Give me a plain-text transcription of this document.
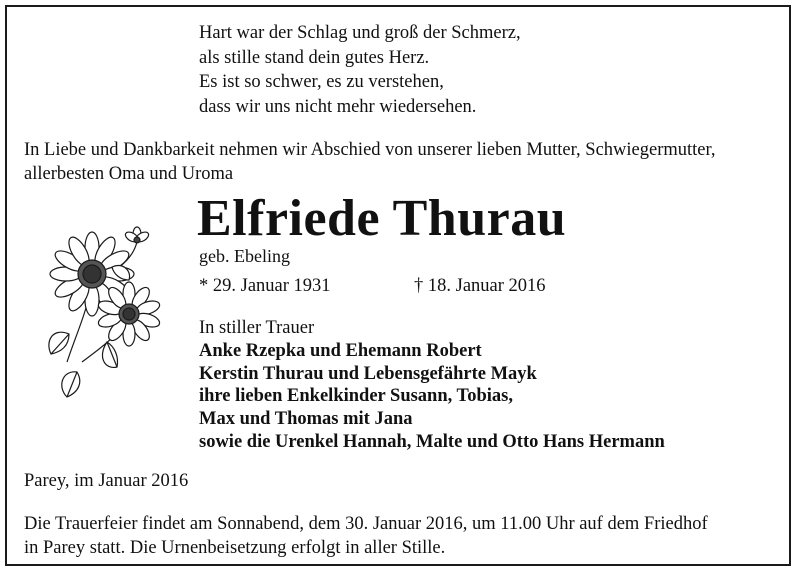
Hart war der Schlag und groß der Schmerz,
als stille stand dein gutes Herz.
Es ist so schwer, es zu verstehen,
dass wir uns nicht mehr wiedersehen.
In Liebe und Dankbarkeit nehmen wir Abschied von unserer lieben Mutter, Schwiegermutter, allerbesten Oma und Uroma
Elfriede Thurau
geb. Ebeling
* 29. Januar 1931	† 18. Januar 2016
In stiller Trauer
Anke Rzepka und Ehemann Robert
Kerstin Thurau und Lebensgefährte Mayk
ihre lieben Enkelkinder Susann, Tobias,
Max und Thomas mit Jana
sowie die Urenkel Hannah, Malte und Otto Hans Hermann
Parey, im Januar 2016
Die Trauerfeier findet am Sonnabend, dem 30. Januar 2016, um 11.00 Uhr auf dem Friedhof
in Parey statt. Die Urnenbeisetzung erfolgt in aller Stille.
